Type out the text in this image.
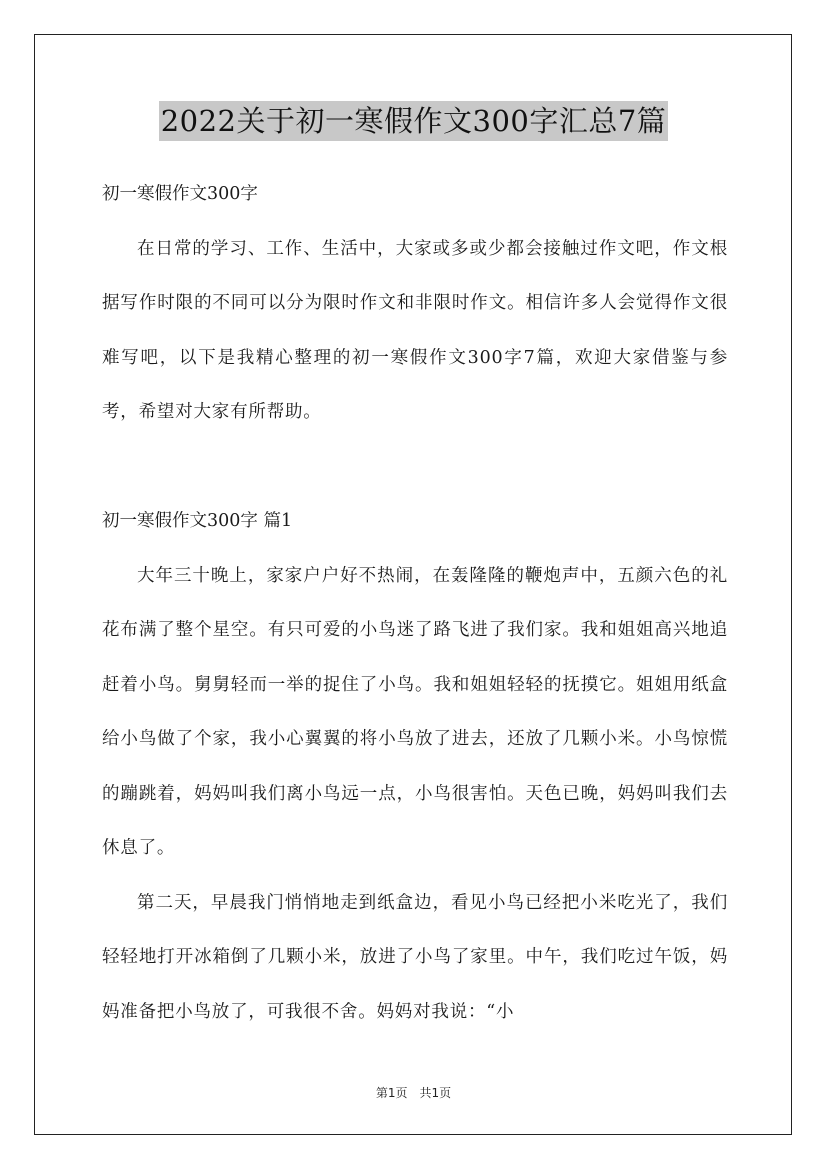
2022关于初一寒假作文300字汇总7篇

初一寒假作文300字

在日常的学习、工作、生活中，大家或多或少都会接触过作文吧，作文根据写作时限的不同可以分为限时作文和非限时作文。相信许多人会觉得作文很难写吧，以下是我精心整理的初一寒假作文300字7篇，欢迎大家借鉴与参考，希望对大家有所帮助。

初一寒假作文300字 篇1

大年三十晚上，家家户户好不热闹，在轰隆隆的鞭炮声中，五颜六色的礼花布满了整个星空。有只可爱的小鸟迷了路飞进了我们家。我和姐姐高兴地追赶着小鸟。舅舅轻而一举的捉住了小鸟。我和姐姐轻轻的抚摸它。姐姐用纸盒给小鸟做了个家，我小心翼翼的将小鸟放了进去，还放了几颗小米。小鸟惊慌的蹦跳着，妈妈叫我们离小鸟远一点，小鸟很害怕。天色已晚，妈妈叫我们去休息了。

第二天，早晨我门悄悄地走到纸盒边，看见小鸟已经把小米吃光了，我们轻轻地打开冰箱倒了几颗小米，放进了小鸟了家里。中午，我们吃过午饭，妈妈准备把小鸟放了，可我很不舍。妈妈对我说：“小

第1页　共1页
